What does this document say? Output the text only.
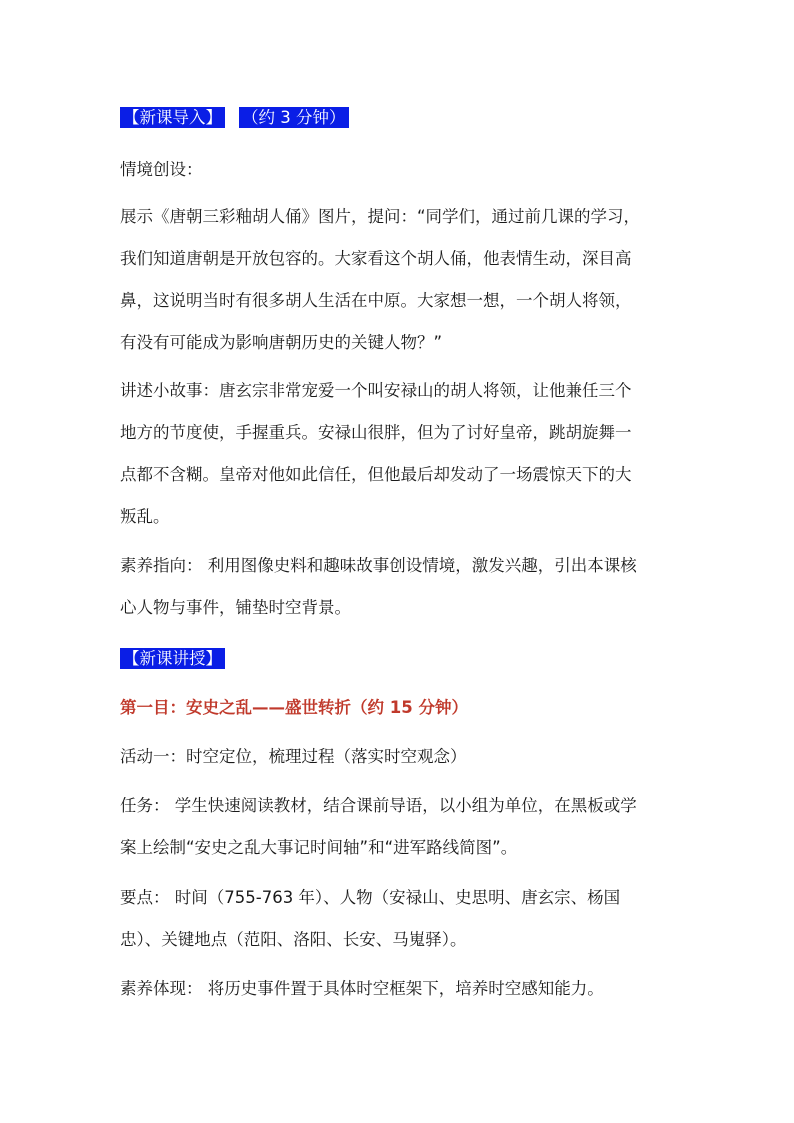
【新课导入】 （约 3 分钟）
情境创设：
展示《唐朝三彩釉胡人俑》图片，提问：“同学们，通过前几课的学习，
我们知道唐朝是开放包容的。大家看这个胡人俑，他表情生动，深目高
鼻，这说明当时有很多胡人生活在中原。大家想一想，一个胡人将领，
有没有可能成为影响唐朝历史的关键人物？”
讲述小故事：唐玄宗非常宠爱一个叫安禄山的胡人将领，让他兼任三个
地方的节度使，手握重兵。安禄山很胖，但为了讨好皇帝，跳胡旋舞一
点都不含糊。皇帝对他如此信任，但他最后却发动了一场震惊天下的大
叛乱。
素养指向： 利用图像史料和趣味故事创设情境，激发兴趣，引出本课核
心人物与事件，铺垫时空背景。
【新课讲授】
第一目：安史之乱——盛世转折（约 15 分钟）
活动一：时空定位，梳理过程（落实时空观念）
任务： 学生快速阅读教材，结合课前导语，以小组为单位，在黑板或学
案上绘制“安史之乱大事记时间轴”和“进军路线简图”。
要点： 时间（755-763 年）、人物（安禄山、史思明、唐玄宗、杨国
忠）、关键地点（范阳、洛阳、长安、马嵬驿）。
素养体现： 将历史事件置于具体时空框架下，培养时空感知能力。
